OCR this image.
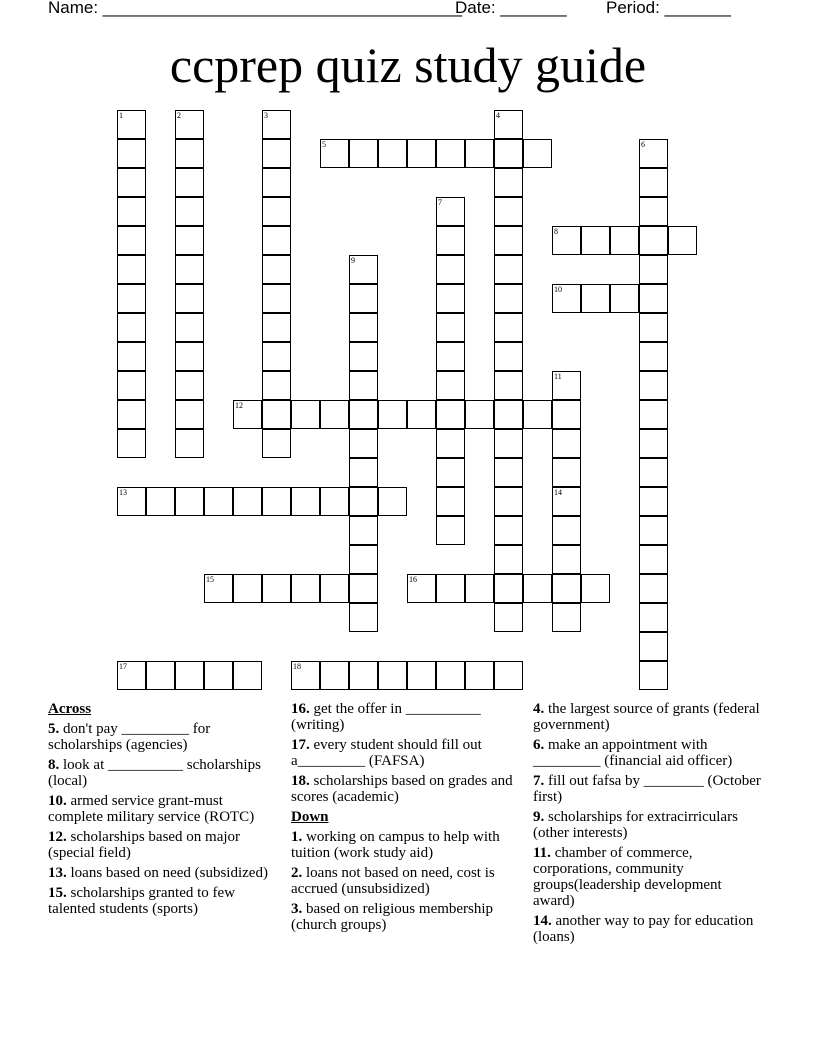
Name: ______________________________________
Date: _______ Period: _______
ccprep quiz study guide
1	2	3	4
5	6
7
8
9
10
11
12
13	14
15	16
17	18
Across
5. don't pay _________ for scholarships (agencies)
8. look at __________ scholarships (local)
10. armed service grant-must complete military service (ROTC)
12. scholarships based on major (special field)
13. loans based on need (subsidized)
15. scholarships granted to few talented students (sports)
16. get the offer in __________ (writing)
17. every student should fill out a_________ (FAFSA)
18. scholarships based on grades and scores (academic)
Down
1. working on campus to help with tuition (work study aid)
2. loans not based on need, cost is accrued (unsubsidized)
3. based on religious membership (church groups)
4. the largest source of grants (federal government)
6. make an appointment with _________ (financial aid officer)
7. fill out fafsa by ________ (October first)
9. scholarships for extracirriculars (other interests)
11. chamber of commerce, corporations, community groups(leadership development award)
14. another way to pay for education (loans)
